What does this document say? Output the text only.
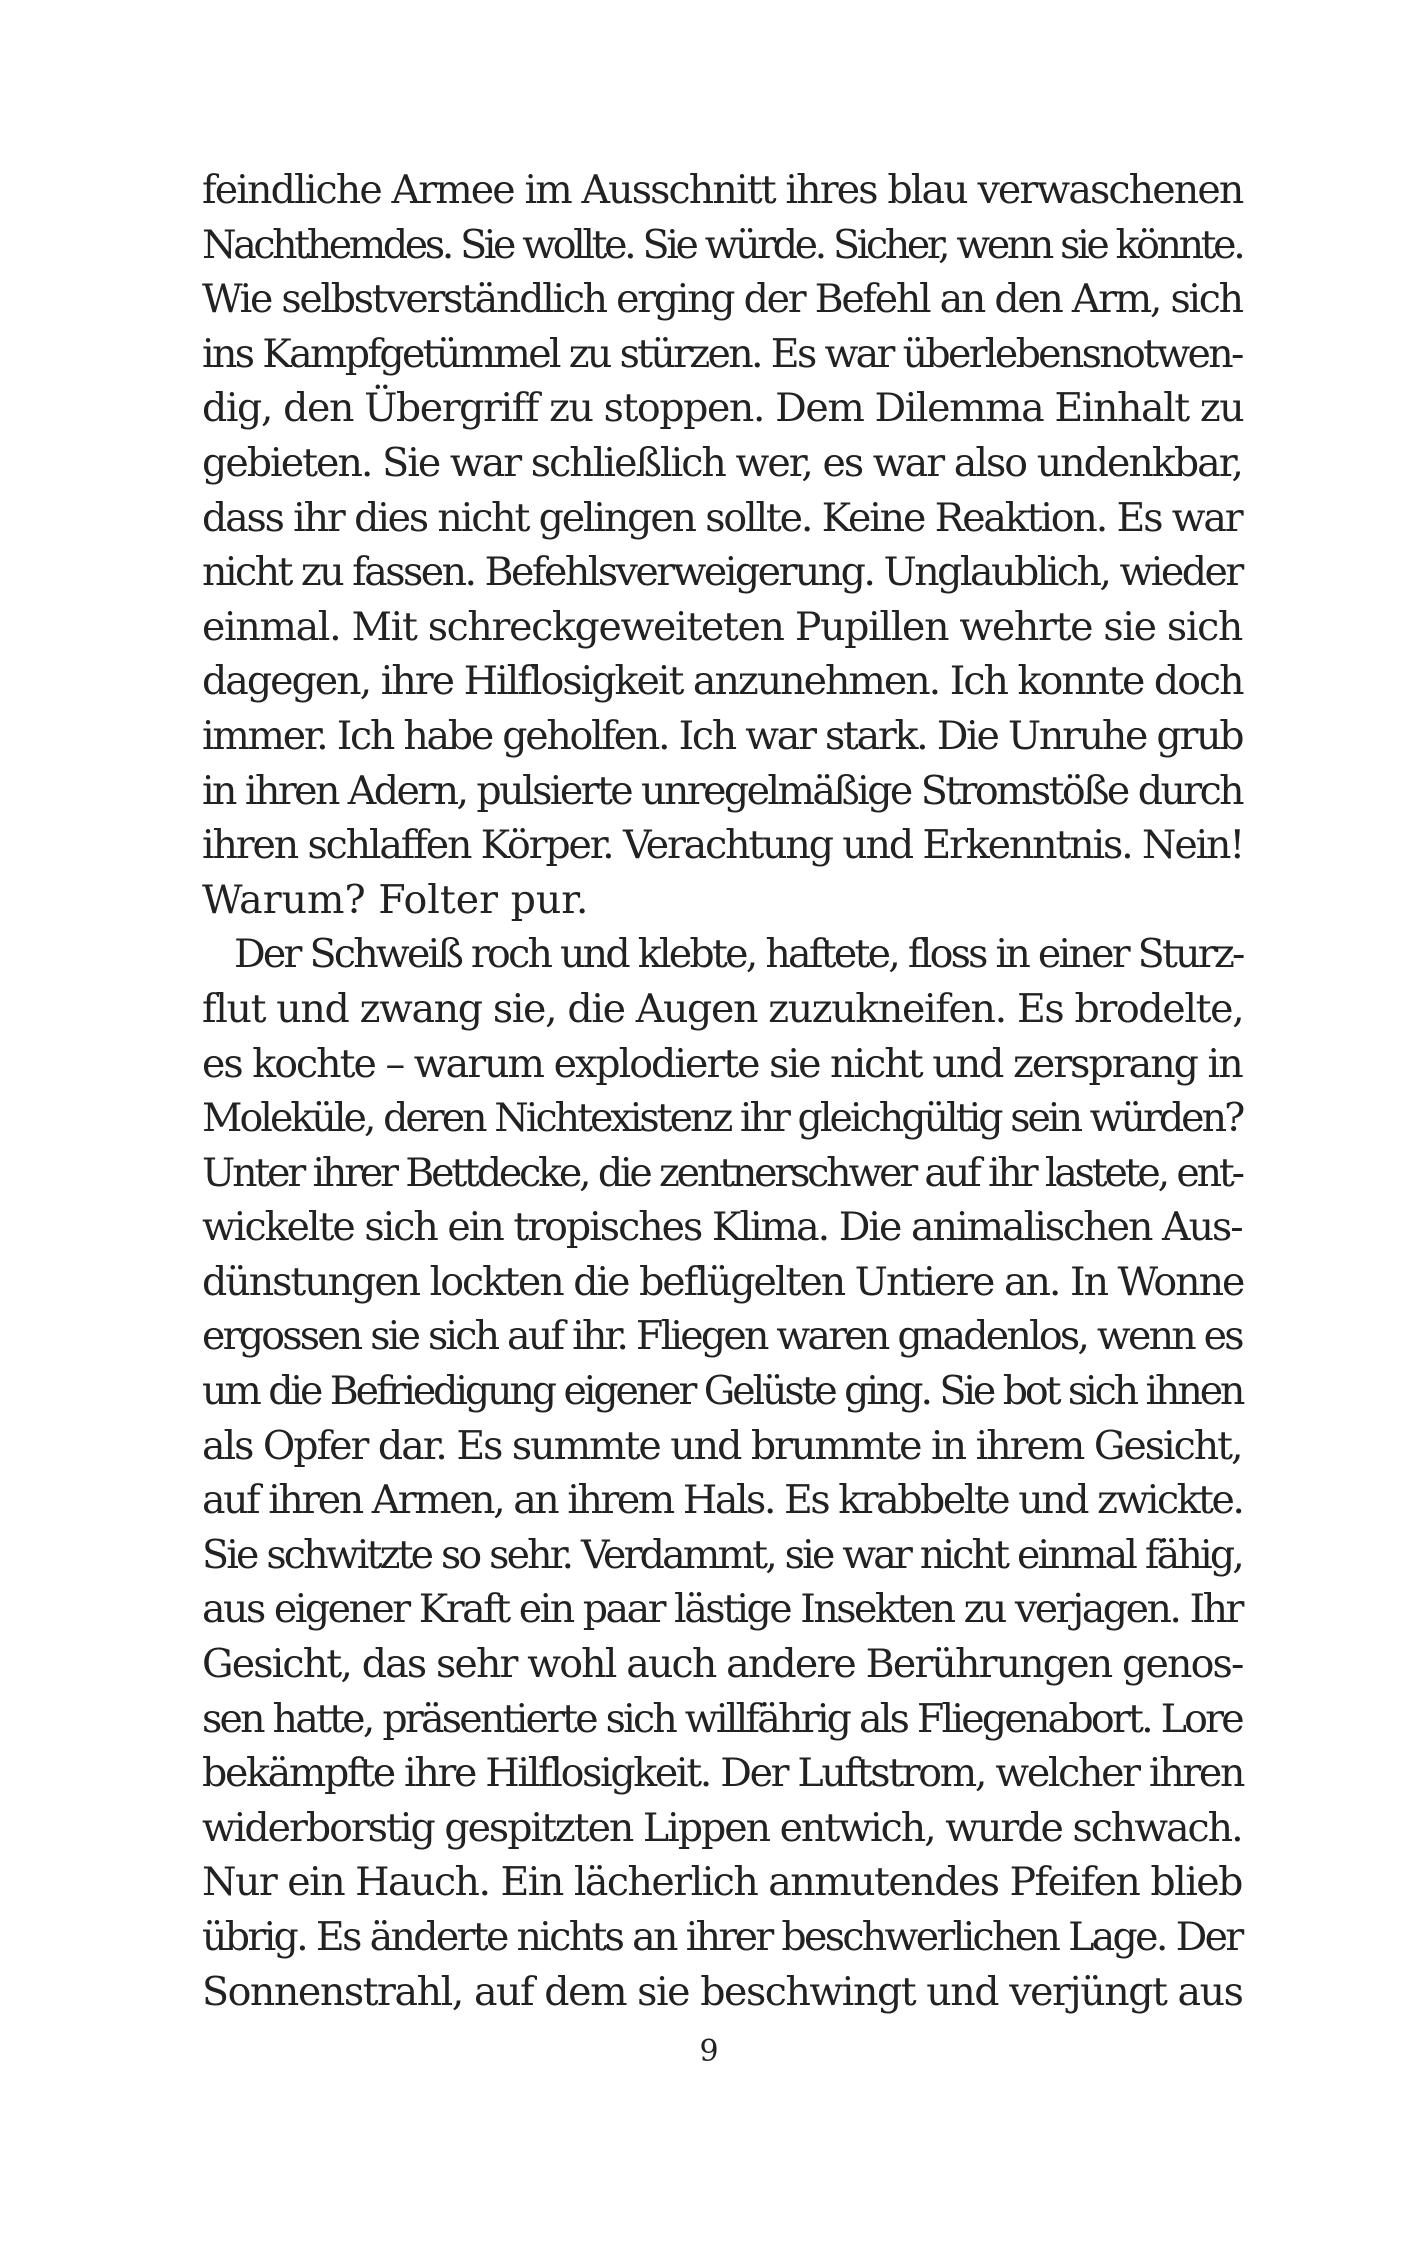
feindliche Armee im Ausschnitt ihres blau verwaschenen
Nachthemdes. Sie wollte. Sie würde. Sicher, wenn sie könnte.
Wie selbstverständlich erging der Befehl an den Arm, sich
ins Kampfgetümmel zu stürzen. Es war überlebensnotwen-
dig, den Übergriff zu stoppen. Dem Dilemma Einhalt zu
gebieten. Sie war schließlich wer, es war also undenkbar,
dass ihr dies nicht gelingen sollte. Keine Reaktion. Es war
nicht zu fassen. Befehlsverweigerung. Unglaublich, wieder
einmal. Mit schreckgeweiteten Pupillen wehrte sie sich
dagegen, ihre Hilflosigkeit anzunehmen. Ich konnte doch
immer. Ich habe geholfen. Ich war stark. Die Unruhe grub
in ihren Adern, pulsierte unregelmäßige Stromstöße durch
ihren schlaffen Körper. Verachtung und Erkenntnis. Nein!
Warum? Folter pur.
Der Schweiß roch und klebte, haftete, floss in einer Sturz-
flut und zwang sie, die Augen zuzukneifen. Es brodelte,
es kochte – warum explodierte sie nicht und zersprang in
Moleküle, deren Nichtexistenz ihr gleichgültig sein würden?
Unter ihrer Bettdecke, die zentnerschwer auf ihr lastete, ent-
wickelte sich ein tropisches Klima. Die animalischen Aus-
dünstungen lockten die beflügelten Untiere an. In Wonne
ergossen sie sich auf ihr. Fliegen waren gnadenlos, wenn es
um die Befriedigung eigener Gelüste ging. Sie bot sich ihnen
als Opfer dar. Es summte und brummte in ihrem Gesicht,
auf ihren Armen, an ihrem Hals. Es krabbelte und zwickte.
Sie schwitzte so sehr. Verdammt, sie war nicht einmal fähig,
aus eigener Kraft ein paar lästige Insekten zu verjagen. Ihr
Gesicht, das sehr wohl auch andere Berührungen genos-
sen hatte, präsentierte sich willfährig als Fliegenabort. Lore
bekämpfte ihre Hilflosigkeit. Der Luftstrom, welcher ihren
widerborstig gespitzten Lippen entwich, wurde schwach.
Nur ein Hauch. Ein lächerlich anmutendes Pfeifen blieb
übrig. Es änderte nichts an ihrer beschwerlichen Lage. Der
Sonnenstrahl, auf dem sie beschwingt und verjüngt aus
9
